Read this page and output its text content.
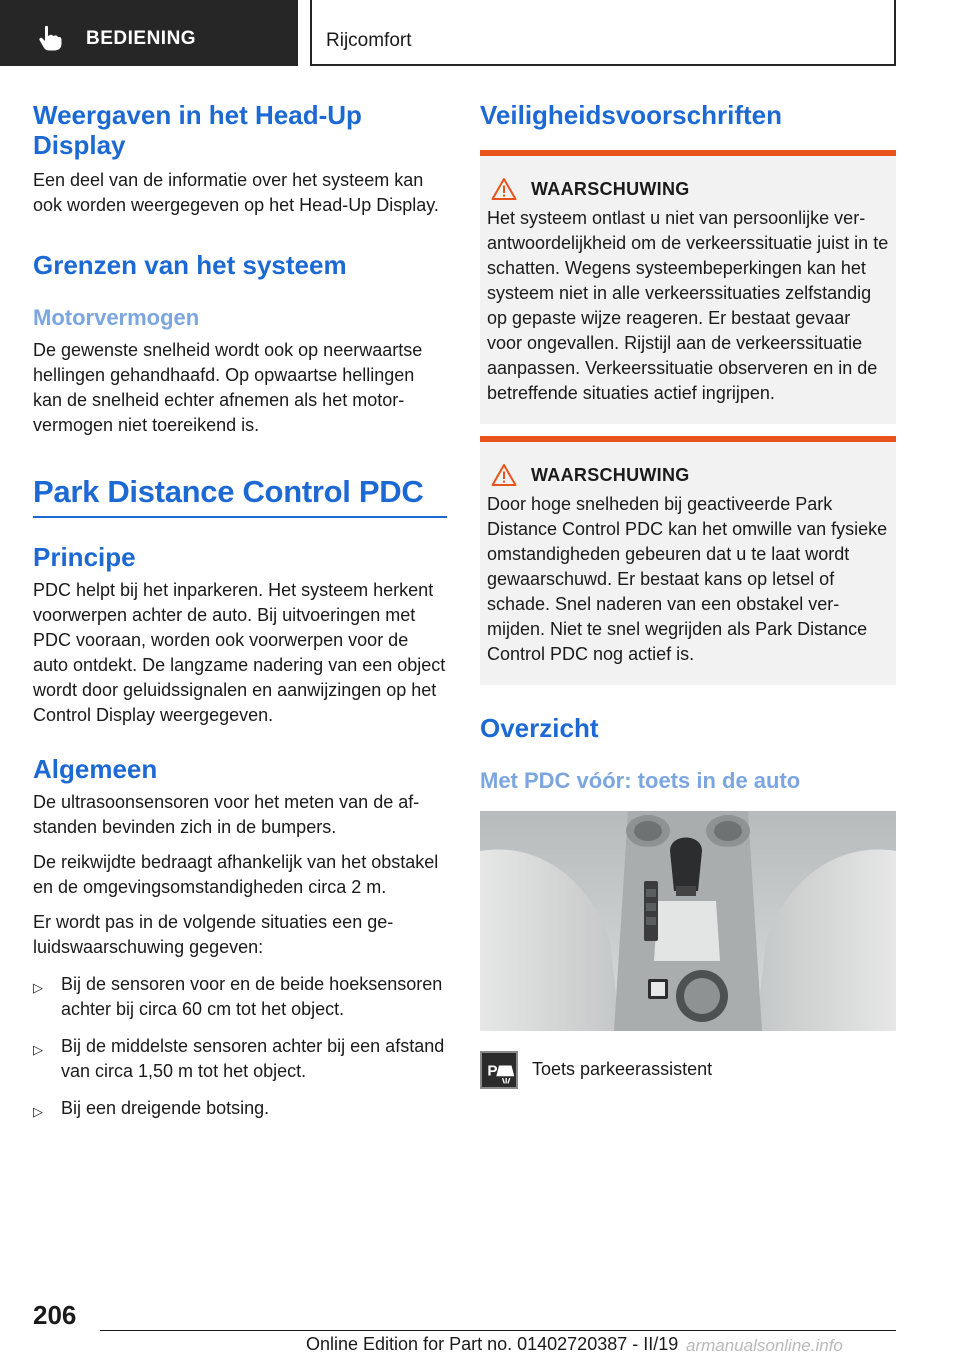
BEDIENING	Rijcomfort
Weergaven in het Head-Up Display
Een deel van de informatie over het systeem kan ook worden weergegeven op het Head-Up Display.
Grenzen van het systeem
Motorvermogen
De gewenste snelheid wordt ook op neerwaartse hellingen gehandhaafd. Op opwaartse hellingen kan de snelheid echter afnemen als het motorvermogen niet toereikend is.
Park Distance Control PDC
Principe
PDC helpt bij het inparkeren. Het systeem herkent voorwerpen achter de auto. Bij uitvoeringen met PDC vooraan, worden ook voorwerpen voor de auto ontdekt. De langzame nadering van een object wordt door geluidssignalen en aanwijzingen op het Control Display weergegeven.
Algemeen
De ultrasoonsensoren voor het meten van de afstanden bevinden zich in de bumpers.
De reikwijdte bedraagt afhankelijk van het obstakel en de omgevingsomstandigheden circa 2 m.
Er wordt pas in de volgende situaties een geluidswaarschuwing gegeven:
▷ Bij de sensoren voor en de beide hoeksensoren achter bij circa 60 cm tot het object.
▷ Bij de middelste sensoren achter bij een afstand van circa 1,50 m tot het object.
▷ Bij een dreigende botsing.
Veiligheidsvoorschriften
WAARSCHUWING
Het systeem ontlast u niet van persoonlijke verantwoordelijkheid om de verkeerssituatie juist in te schatten. Wegens systeembeperkingen kan het systeem niet in alle verkeerssituaties zelfstandig op gepaste wijze reageren. Er bestaat gevaar voor ongevallen. Rijstijl aan de verkeerssituatie aanpassen. Verkeerssituatie observeren en in de betreffende situaties actief ingrijpen.
WAARSCHUWING
Door hoge snelheden bij geactiveerde Park Distance Control PDC kan het omwille van fysieke omstandigheden gebeuren dat u te laat wordt gewaarschuwd. Er bestaat kans op letsel of schade. Snel naderen van een obstakel vermijden. Niet te snel wegrijden als Park Distance Control PDC nog actief is.
Overzicht
Met PDC vóór: toets in de auto
P Toets parkeerassistent
206
Online Edition for Part no. 01402720387 - II/19 armanualsonline.info
